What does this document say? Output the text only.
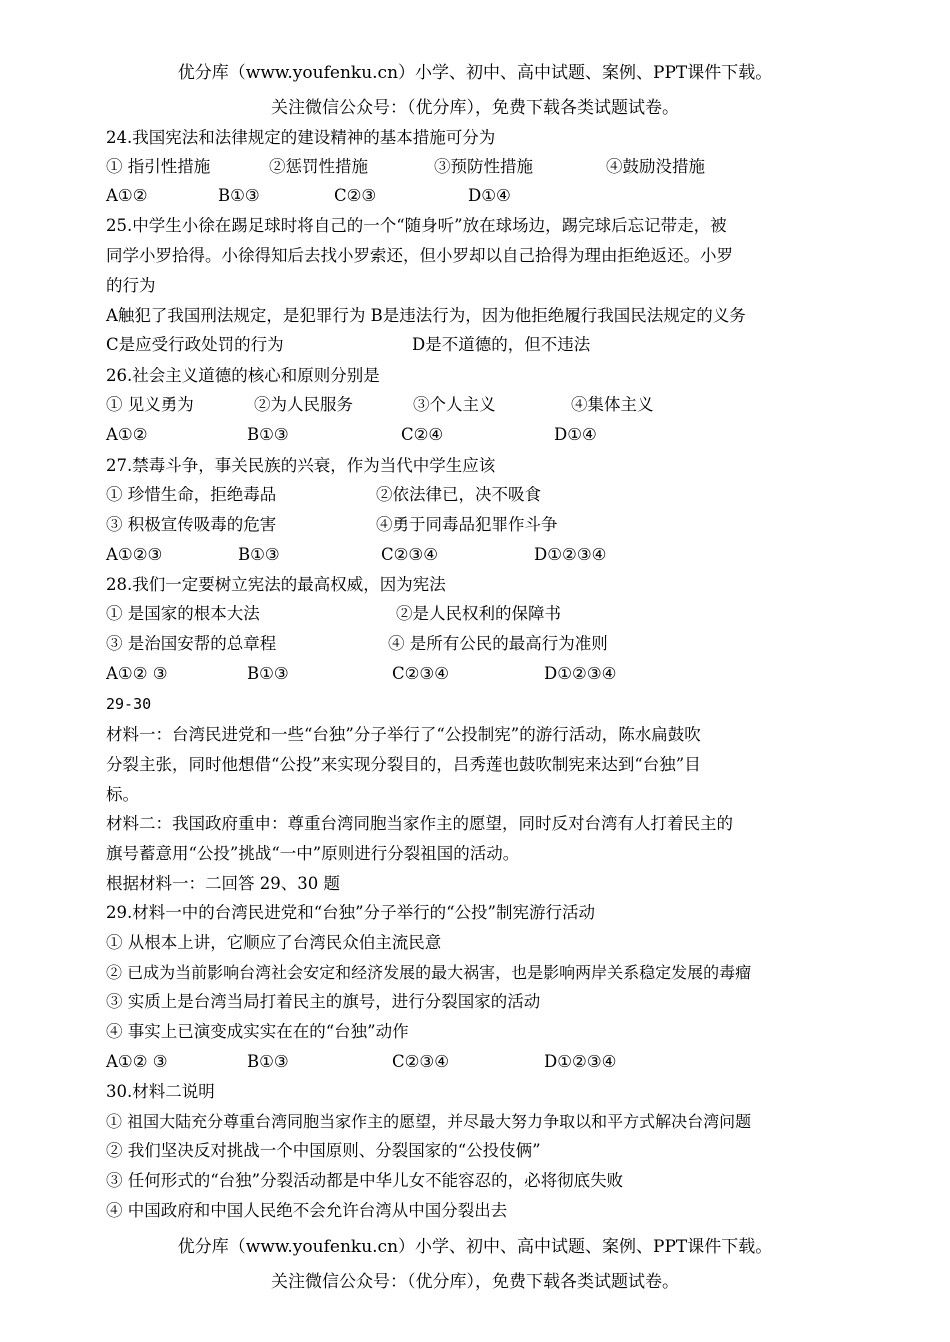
优分库（www.youfenku.cn）小学、初中、高中试题、案例、PPT课件下载。
关注微信公众号：（优分库），免费下载各类试题试卷。
24.我国宪法和法律规定的建设精神的基本措施可分为
① 指引性措施	②惩罚性措施	③预防性措施	④鼓励没措施
A①②	B①③	C②③	D①④
25.中学生小徐在踢足球时将自己的一个“随身听”放在球场边，踢完球后忘记带走，被
同学小罗拾得。小徐得知后去找小罗索还，但小罗却以自己拾得为理由拒绝返还。小罗
的行为
A触犯了我国刑法规定，是犯罪行为 B是违法行为，因为他拒绝履行我国民法规定的义务
C是应受行政处罚的行为	D是不道德的，但不违法
26.社会主义道德的核心和原则分别是
① 见义勇为	②为人民服务	③个人主义	④集体主义
A①②	B①③	C②④	D①④
27.禁毒斗争，事关民族的兴衰，作为当代中学生应该
① 珍惜生命，拒绝毒品	②依法律已，决不吸食
③ 积极宣传吸毒的危害	④勇于同毒品犯罪作斗争
A①②③	B①③	C②③④	D①②③④
28.我们一定要树立宪法的最高权威，因为宪法
① 是国家的根本大法	②是人民权利的保障书
③ 是治国安帮的总章程	④ 是所有公民的最高行为准则
A①② ③	B①③	C②③④	D①②③④
29-30
材料一：台湾民进党和一些“台独”分子举行了“公投制宪”的游行活动，陈水扁鼓吹
分裂主张，同时他想借“公投”来实现分裂目的，吕秀莲也鼓吹制宪来达到“台独”目
标。
材料二：我国政府重申：尊重台湾同胞当家作主的愿望，同时反对台湾有人打着民主的
旗号蓄意用“公投”挑战“一中”原则进行分裂祖国的活动。
根据材料一：二回答 29、30 题
29.材料一中的台湾民进党和“台独”分子举行的“公投”制宪游行活动
① 从根本上讲，它顺应了台湾民众伯主流民意
② 已成为当前影响台湾社会安定和经济发展的最大祸害，也是影响两岸关系稳定发展的毒瘤
③ 实质上是台湾当局打着民主的旗号，进行分裂国家的活动
④ 事实上已演变成实实在在的“台独”动作
A①② ③	B①③	C②③④	D①②③④
30.材料二说明
① 祖国大陆充分尊重台湾同胞当家作主的愿望，并尽最大努力争取以和平方式解决台湾问题
② 我们坚决反对挑战一个中国原则、分裂国家的“公投伎俩”
③ 任何形式的“台独”分裂活动都是中华儿女不能容忍的，必将彻底失败
④ 中国政府和中国人民绝不会允许台湾从中国分裂出去
优分库（www.youfenku.cn）小学、初中、高中试题、案例、PPT课件下载。
关注微信公众号：（优分库），免费下载各类试题试卷。
